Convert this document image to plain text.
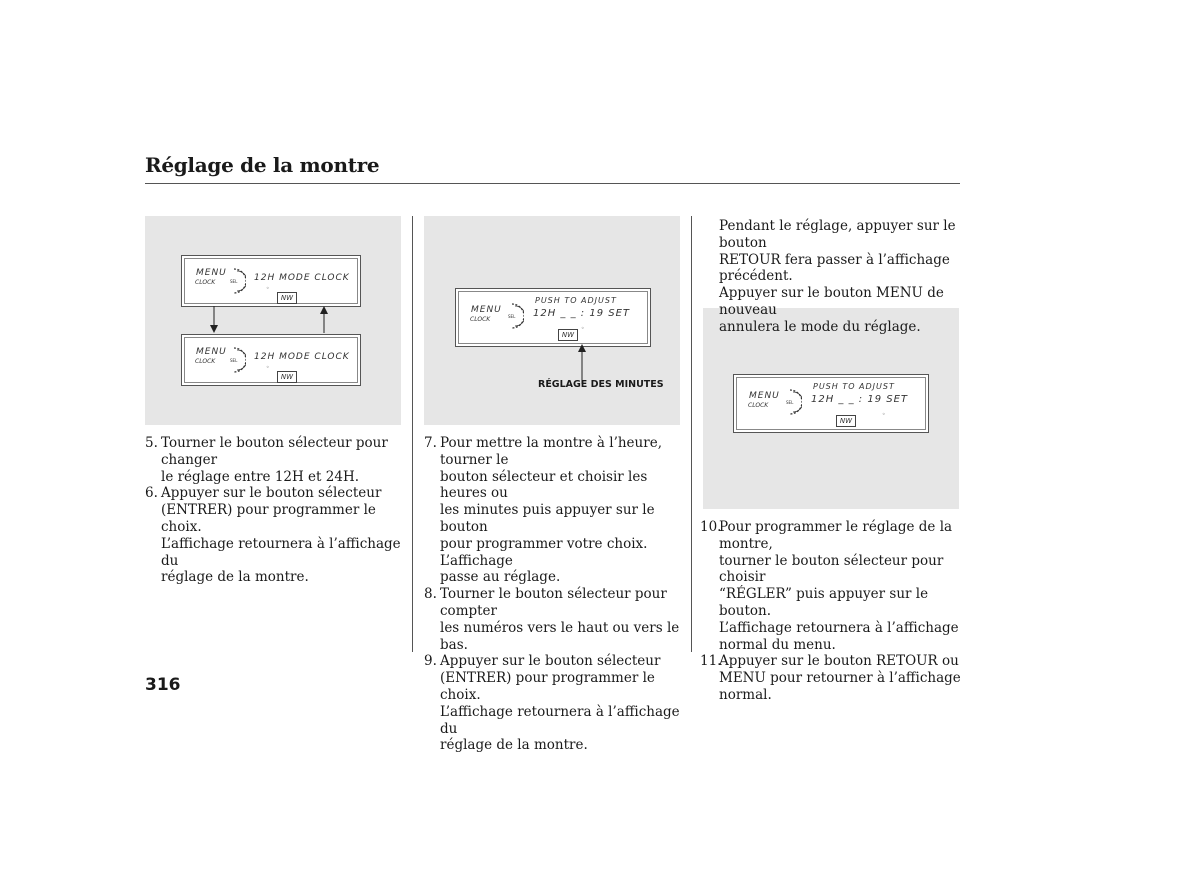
Réglage de la montre
MENU
CLOCK	SEL 12H MODE CLOCK
◦
NW
MENU
CLOCK	SEL 12H MODE CLOCK
◦
NW
MENU
CLOCK	SEL
PUSH TO ADJUST
12H _ _ : 19 SET
NW
◦
RÉGLAGE DES MINUTES
MENU
CLOCK	SEL
PUSH TO ADJUST
12H _ _ : 19 SET
NW
◦
5. Tourner le bouton sélecteur pour changer
le réglage entre 12H et 24H.
6. Appuyer sur le bouton sélecteur
(ENTRER) pour programmer le choix.
L’affichage retournera à l’affichage du
réglage de la montre.
7. Pour mettre la montre à l’heure, tourner le
bouton sélecteur et choisir les heures ou
les minutes puis appuyer sur le bouton
pour programmer votre choix. L’affichage
passe au réglage.
8. Tourner le bouton sélecteur pour compter
les numéros vers le haut ou vers le bas.
9. Appuyer sur le bouton sélecteur
(ENTRER) pour programmer le choix.
L’affichage retournera à l’affichage du
réglage de la montre.
Pendant le réglage, appuyer sur le bouton
RETOUR fera passer à l’affichage
précédent.
Appuyer sur le bouton MENU de nouveau
annulera le mode du réglage.
10.
Pour programmer le réglage de la montre,
tourner le bouton sélecteur pour choisir
“RÉGLER” puis appuyer sur le bouton.
L’affichage retournera à l’affichage
normal du menu.
11.
Appuyer sur le bouton RETOUR ou
MENU pour retourner à l’affichage
normal.
316
